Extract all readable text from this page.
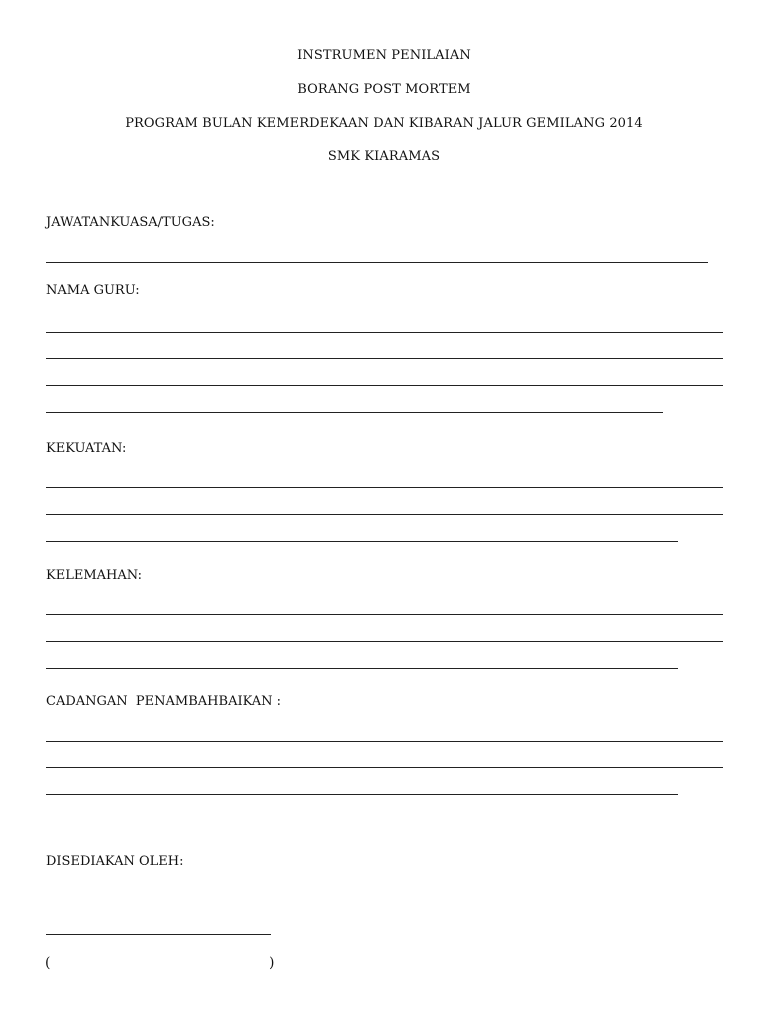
INSTRUMEN PENILAIAN
BORANG POST MORTEM
PROGRAM BULAN KEMERDEKAAN DAN KIBARAN JALUR GEMILANG 2014
SMK KIARAMAS
JAWATANKUASA/TUGAS:
NAMA GURU:
KEKUATAN:
KELEMAHAN:
CADANGAN  PENAMBAHBAIKAN :
DISEDIAKAN OLEH:
(	)
